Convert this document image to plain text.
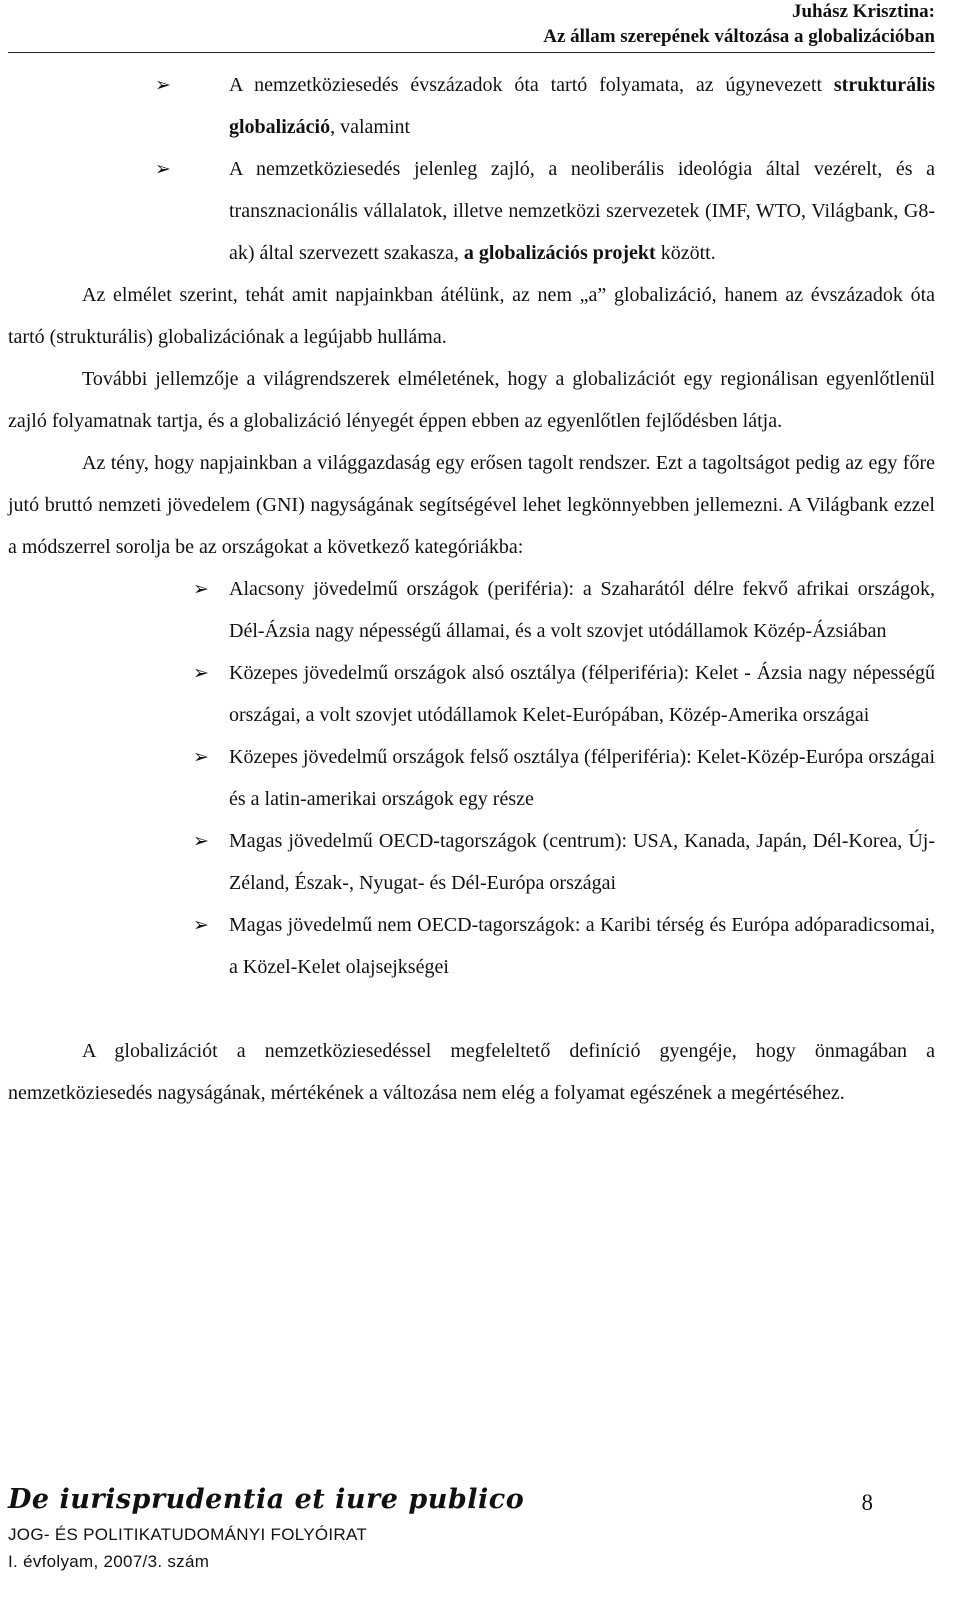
Juhász Krisztina:
Az állam szerepének változása a globalizációban
➢	A nemzetköziesedés évszázadok óta tartó folyamata, az úgynevezett strukturális globalizáció, valamint
➢	A nemzetköziesedés jelenleg zajló, a neoliberális ideológia által vezérelt, és a transznacionális vállalatok, illetve nemzetközi szervezetek (IMF, WTO, Világbank, G8-ak) által szervezett szakasza, a globalizációs projekt között.

Az elmélet szerint, tehát amit napjainkban átélünk, az nem „a” globalizáció, hanem az évszázadok óta tartó (strukturális) globalizációnak a legújabb hulláma.

További jellemzője a világrendszerek elméletének, hogy a globalizációt egy regionálisan egyenlőtlenül zajló folyamatnak tartja, és a globalizáció lényegét éppen ebben az egyenlőtlen fejlődésben látja.

Az tény, hogy napjainkban a világgazdaság egy erősen tagolt rendszer. Ezt a tagoltságot pedig az egy főre jutó bruttó nemzeti jövedelem (GNI) nagyságának segítségével lehet legkönnyebben jellemezni. A Világbank ezzel a módszerrel sorolja be az országokat a következő kategóriákba:

➢ Alacsony jövedelmű országok (periféria): a Szaharától délre fekvő afrikai országok, Dél-Ázsia nagy népességű államai, és a volt szovjet utódállamok Közép-Ázsiában
➢ Közepes jövedelmű országok alsó osztálya (félperiféria): Kelet - Ázsia nagy népességű országai, a volt szovjet utódállamok Kelet-Európában, Közép-Amerika országai
➢ Közepes jövedelmű országok felső osztálya (félperiféria): Kelet-Közép-Európa országai és a latin-amerikai országok egy része
➢ Magas jövedelmű OECD-tagországok (centrum): USA, Kanada, Japán, Dél-Korea, Új-Zéland, Észak-, Nyugat- és Dél-Európa országai
➢ Magas jövedelmű nem OECD-tagországok: a Karibi térség és Európa adóparadicsomai, a Közel-Kelet olajsejkségei

A globalizációt a nemzetköziesedéssel megfeleltető definíció gyengéje, hogy önmagában a nemzetköziesedés nagyságának, mértékének a változása nem elég a folyamat egészének a megértéséhez.

De iurisprudentia et iure publico
JOG- ÉS POLITIKATUDOMÁNYI FOLYÓIRAT
I. évfolyam, 2007/3. szám
8
